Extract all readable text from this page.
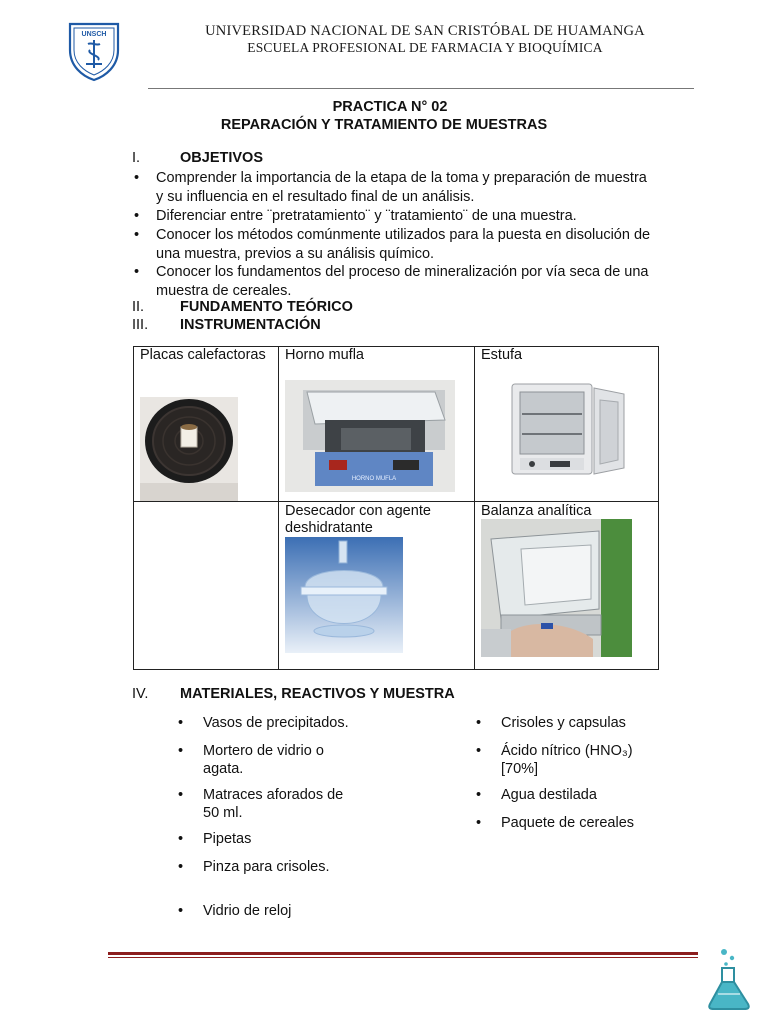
UNSCH	UNIVERSIDAD NACIONAL DE SAN CRISTÓBAL DE HUAMANGA
ESCUELA PROFESIONAL DE FARMACIA Y BIOQUÍMICA
PRACTICA N° 02
REPARACIÓN Y TRATAMIENTO DE MUESTRAS
I.	OBJETIVOS
• Comprender la importancia de la etapa de la toma y preparación de muestra y su influencia en el resultado final de un análisis.
• Diferenciar entre ¨pretratamiento¨ y ¨tratamiento¨ de una muestra.
• Conocer los métodos comúnmente utilizados para la puesta en disolución de una muestra, previos a su análisis químico.
• Conocer los fundamentos del proceso de mineralización por vía seca de una muestra de cereales.
II. FUNDAMENTO TEÓRICO
III. INSTRUMENTACIÓN
Placas calefactoras Horno mufla
HORNO MUFLA
Estufa
Desecador con agente deshidratante
Balanza analítica
IV. MATERIALES, REACTIVOS Y MUESTRA
• Vasos de precipitados.
• Mortero de vidrio o agata.
• Matraces aforados de 50 ml.
• Pipetas
• Pinza para crisoles.
• Vidrio de reloj
• Crisoles y capsulas
• Ácido nítrico (HNO₃) [70%]
• Agua destilada
• Paquete de cereales
